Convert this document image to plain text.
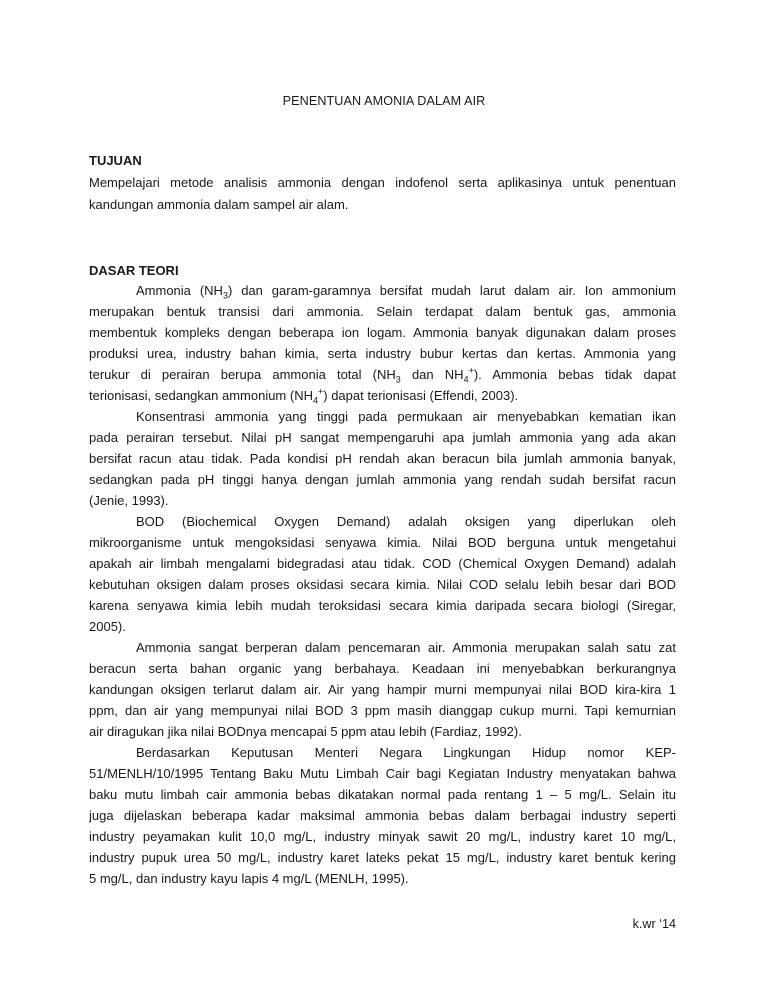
PENENTUAN AMONIA DALAM AIR
TUJUAN
Mempelajari metode analisis ammonia dengan indofenol serta aplikasinya untuk penentuan
kandungan ammonia dalam sampel air alam.
DASAR TEORI
Ammonia $(NH_3)$ dan garam-garamnya bersifat mudah larut dalam air. Ion ammonium
merupakan bentuk transisi dari ammonia. Selain terdapat dalam bentuk gas, ammonia
membentuk kompleks dengan beberapa ion logam. Ammonia banyak digunakan dalam proses
produksi urea, industry bahan kimia, serta industry bubur kertas dan kertas. Ammonia yang
terukur di perairan berupa ammonia total ($NH_3$ dan $NH_4^+$). Ammonia bebas tidak dapat
terionisasi, sedangkan ammonium $(NH_4^+)$ dapat terionisasi (Effendi, 2003).
Konsentrasi ammonia yang tinggi pada permukaan air menyebabkan kematian ikan
pada perairan tersebut. Nilai pH sangat mempengaruhi apa jumlah ammonia yang ada akan
bersifat racun atau tidak. Pada kondisi pH rendah akan beracun bila jumlah ammonia banyak,
sedangkan pada pH tinggi hanya dengan jumlah ammonia yang rendah sudah bersifat racun
(Jenie, 1993).
BOD (Biochemical Oxygen Demand) adalah oksigen yang diperlukan oleh
mikroorganisme untuk mengoksidasi senyawa kimia. Nilai BOD berguna untuk mengetahui
apakah air limbah mengalami bidegradasi atau tidak. COD (Chemical Oxygen Demand) adalah
kebutuhan oksigen dalam proses oksidasi secara kimia. Nilai COD selalu lebih besar dari BOD
karena senyawa kimia lebih mudah teroksidasi secara kimia daripada secara biologi (Siregar,
2005).
Ammonia sangat berperan dalam pencemaran air. Ammonia merupakan salah satu zat
beracun serta bahan organic yang berbahaya. Keadaan ini menyebabkan berkurangnya
kandungan oksigen terlarut dalam air. Air yang hampir murni mempunyai nilai BOD kira-kira 1
ppm, dan air yang mempunyai nilai BOD 3 ppm masih dianggap cukup murni. Tapi kemurnian
air diragukan jika nilai BODnya mencapai 5 ppm atau lebih (Fardiaz, 1992).
Berdasarkan Keputusan Menteri Negara Lingkungan Hidup nomor KEP-
51/MENLH/10/1995 Tentang Baku Mutu Limbah Cair bagi Kegiatan Industry menyatakan bahwa
baku mutu limbah cair ammonia bebas dikatakan normal pada rentang 1 – 5 mg/L. Selain itu
juga dijelaskan beberapa kadar maksimal ammonia bebas dalam berbagai industry seperti
industry peyamakan kulit 10,0 mg/L, industry minyak sawit 20 mg/L, industry karet 10 mg/L,
industry pupuk urea 50 mg/L, industry karet lateks pekat 15 mg/L, industry karet bentuk kering
5 mg/L, dan industry kayu lapis 4 mg/L (MENLH, 1995).
k.wr ‘14
